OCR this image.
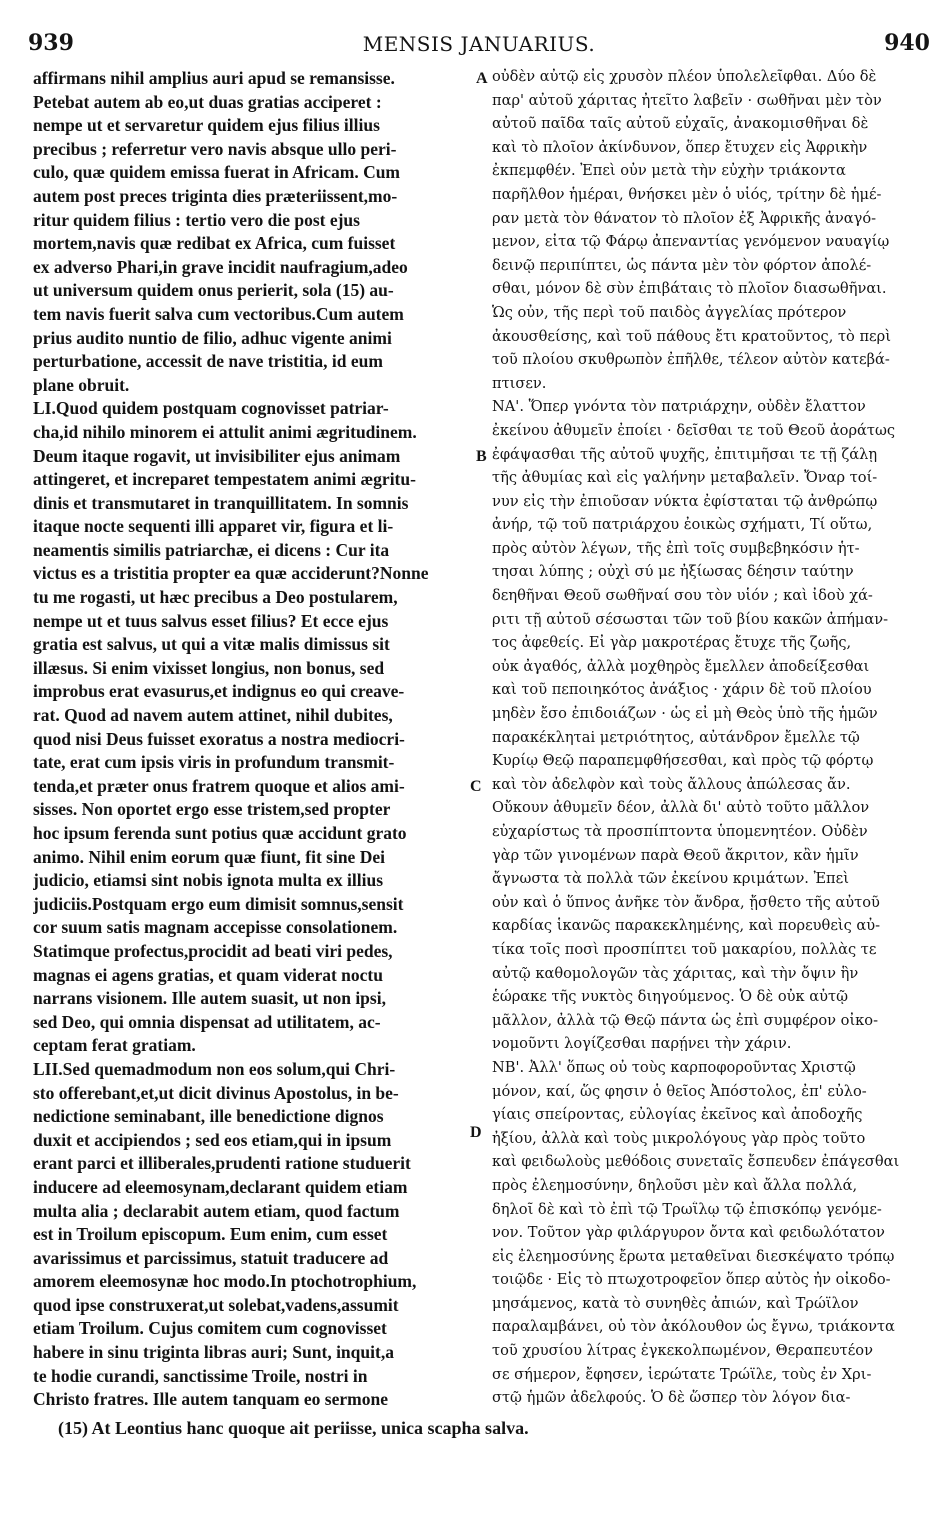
939	MENSIS JANUARIUS.	940
affirmans nihil amplius auri apud se remansisse.
Petebat autem ab eo,ut duas gratias acciperet :
nempe ut et servaretur quidem ejus filius illius
precibus ; referretur vero navis absque ullo peri-
culo, quæ quidem emissa fuerat in Africam. Cum
autem post preces triginta dies præteriissent,mo-
ritur quidem filius : tertio vero die post ejus
mortem,navis quæ redibat ex Africa, cum fuisset
ex adverso Phari,in grave incidit naufragium,adeo
ut universum quidem onus perierit, sola (15) au-
tem navis fuerit salva cum vectoribus.Cum autem
prius audito nuntio de filio, adhuc vigente animi
perturbatione, accessit de nave tristitia, id eum
plane obruit.
LI.Quod quidem postquam cognovisset patriar-
cha,id nihilo minorem ei attulit animi ægritudinem.
Deum itaque rogavit, ut invisibiliter ejus animam
attingeret, et increparet tempestatem animi ægritu-
dinis et transmutaret in tranquillitatem. In somnis
itaque nocte sequenti illi apparet vir, figura et li-
neamentis similis patriarchæ, ei dicens : Cur ita
victus es a tristitia propter ea quæ acciderunt?Nonne
tu me rogasti, ut hæc precibus a Deo postularem,
nempe ut et tuus salvus esset filius? Et ecce ejus
gratia est salvus, ut qui a vitæ malis dimissus sit
illæsus. Si enim vixisset longius, non bonus, sed
improbus erat evasurus,et indignus eo qui creave-
rat. Quod ad navem autem attinet, nihil dubites,
quod nisi Deus fuisset exoratus a nostra mediocri-
tate, erat cum ipsis viris in profundum transmit-
tenda,et præter onus fratrem quoque et alios ami-
sisses. Non oportet ergo esse tristem,sed propter
hoc ipsum ferenda sunt potius quæ accidunt grato
animo. Nihil enim eorum quæ fiunt, fit sine Dei
judicio, etiamsi sint nobis ignota multa ex illius
judiciis.Postquam ergo eum dimisit somnus,sensit
cor suum satis magnam accepisse consolationem.
Statimque profectus,procidit ad beati viri pedes,
magnas ei agens gratias, et quam viderat noctu
narrans visionem. Ille autem suasit, ut non ipsi,
sed Deo, qui omnia dispensat ad utilitatem, ac-
ceptam ferat gratiam.
LII.Sed quemadmodum non eos solum,qui Chri-
sto offerebant,et,ut dicit divinus Apostolus, in be-
nedictione seminabant, ille benedictione dignos
duxit et accipiendos ; sed eos etiam,qui in ipsum
erant parci et illiberales,prudenti ratione studuerit
inducere ad eleemosynam,declarant quidem etiam
multa alia ; declarabit autem etiam, quod factum
est in Troilum episcopum. Eum enim, cum esset
avarissimus et parcissimus, statuit traducere ad
amorem eleemosynæ hoc modo.In ptochotrophium,
quod ipse construxerat,ut solebat,vadens,assumit
etiam Troilum. Cujus comitem cum cognovisset
habere in sinu triginta libras auri; Sunt, inquit,a
te hodie curandi, sanctissime Troile, nostri in
Christo fratres. Ille autem tanquam eo sermone
οὐδὲν αὐτῷ εἰς χρυσὸν πλέον ὑπολελεῖφθαι. Δύο δὲ
παρ' αὐτοῦ χάριτας ἠτεῖτο λαβεῖν · σωθῆναι μὲν τὸν
αὐτοῦ παῖδα ταῖς αὐτοῦ εὐχαῖς, ἀνακομισθῆναι δὲ
καὶ τὸ πλοῖον ἀκίνδυνον, ὅπερ ἔτυχεν εἰς Ἀφρικὴν
ἐκπεμφθέν. Ἐπεὶ οὖν μετὰ τὴν εὐχὴν τριάκοντα
παρῆλθον ἡμέραι, θνήσκει μὲν ὁ υἱός, τρίτην δὲ ἡμέ-
ραν μετὰ τὸν θάνατον τὸ πλοῖον ἐξ Ἀφρικῆς ἀναγό-
μενον, εἶτα τῷ Φάρῳ ἀπεναντίας γενόμενον ναυαγίῳ
δεινῷ περιπίπτει, ὡς πάντα μὲν τὸν φόρτον ἀπολέ-
σθαι, μόνον δὲ σὺν ἐπιβάταις τὸ πλοῖον διασωθῆναι.
Ὡς οὖν, τῆς περὶ τοῦ παιδὸς ἀγγελίας πρότερον
ἀκουσθείσης, καὶ τοῦ πάθους ἔτι κρατοῦντος, τὸ περὶ
τοῦ πλοίου σκυθρωπὸν ἐπῆλθε, τέλεον αὐτὸν κατεβά-
πτισεν.
ΝΑ'. Ὅπερ γνόντα τὸν πατριάρχην, οὐδὲν ἔλαττον
ἐκείνου ἀθυμεῖν ἐποίει · δεῖσθαι τε τοῦ Θεοῦ ἀοράτως
ἐφάψασθαι τῆς αὐτοῦ ψυχῆς, ἐπιτιμῆσαι τε τῇ ζάλῃ
τῆς ἀθυμίας καὶ εἰς γαλήνην μεταβαλεῖν. Ὄναρ τοί-
νυν εἰς τὴν ἐπιοῦσαν νύκτα ἐφίσταται τῷ ἀνθρώπῳ
ἀνήρ, τῷ τοῦ πατριάρχου ἐοικὼς σχήματι, Τί οὕτω,
πρὸς αὐτὸν λέγων, τῆς ἐπὶ τοῖς συμβεβηκόσιν ἡτ-
τησαι λύπης ; οὐχὶ σύ με ἠξίωσας δέησιν ταύτην
δεηθῆναι Θεοῦ σωθῆναί σου τὸν υἱόν ; καὶ ἰδοὺ χά-
ριτι τῇ αὐτοῦ σέσωσται τῶν τοῦ βίου κακῶν ἀπήμαν-
τος ἀφεθείς. Εἰ γὰρ μακροτέρας ἔτυχε τῆς ζωῆς,
οὐκ ἀγαθός, ἀλλὰ μοχθηρὸς ἔμελλεν ἀποδείξεσθαι
καὶ τοῦ πεποιηκότος ἀνάξιος · χάριν δὲ τοῦ πλοίου
μηδὲν ἔσο ἐπιδοιάζων · ὡς εἰ μὴ Θεὸς ὑπὸ τῆς ἡμῶν
παρακέκλητai μετριότητος, αὐτάνδρον ἔμελλε τῷ
Κυρίῳ Θεῷ παραπεμφθήσεσθαι, καὶ πρὸς τῷ φόρτῳ
καὶ τὸν ἀδελφὸν καὶ τοὺς ἄλλους ἀπώλεσας ἄν.
Οὔκουν ἀθυμεῖν δέον, ἀλλὰ δι' αὐτὸ τοῦτο μᾶλλον
εὐχαρίστως τὰ προσπίπτοντα ὑπομενητέον. Οὐδὲν
γὰρ τῶν γινομένων παρὰ Θεοῦ ἄκριτον, κἂν ἡμῖν
ἄγνωστα τὰ πολλὰ τῶν ἐκείνου κριμάτων. Ἐπεὶ
οὖν καὶ ὁ ὕπνος ἀνῆκε τὸν ἄνδρα, ᾔσθετο τῆς αὐτοῦ
καρδίας ἱκανῶς παρακεκλημένης, καὶ πορευθεὶς αὐ-
τίκα τοῖς ποσὶ προσπίπτει τοῦ μακαρίου, πολλὰς τε
αὐτῷ καθομολογῶν τὰς χάριτας, καὶ τὴν ὄψιν ἣν
ἑώρακε τῆς νυκτὸς διηγούμενος. Ὁ δὲ οὐκ αὐτῷ
μᾶλλον, ἀλλὰ τῷ Θεῷ πάντα ὡς ἐπὶ συμφέρον οἰκο-
νομοῦντι λογίζεσθαι παρῄνει τὴν χάριν.
ΝΒ'. Ἀλλ' ὅπως οὐ τοὺς καρποφοροῦντας Χριστῷ
μόνον, καί, ὥς φησιν ὁ θεῖος Ἀπόστολος, ἐπ' εὐλο-
γίαις σπείροντας, εὐλογίας ἐκεῖνος καὶ ἀποδοχῆς
ἠξίου, ἀλλὰ καὶ τοὺς μικρολόγους γὰρ πρὸς τοῦτο
καὶ φειδωλοὺς μεθόδοις συνεταῖς ἔσπευδεν ἐπάγεσθαι
πρὸς ἐλεημοσύνην, δηλοῦσι μὲν καὶ ἄλλα πολλά,
δηλοῖ δὲ καὶ τὸ ἐπὶ τῷ Τρωΐλῳ τῷ ἐπισκόπῳ γενόμε-
νον. Τοῦτον γὰρ φιλάργυρον ὄντα καὶ φειδωλότατον
εἰς ἐλεημοσύνης ἔρωτα μεταθεῖναι διεσκέψατο τρόπῳ
τοιῷδε · Εἰς τὸ πτωχοτροφεῖον ὅπερ αὐτὸς ἦν οἰκοδο-
μησάμενος, κατὰ τὸ συνηθὲς ἀπιών, καὶ Τρώϊλον
παραλαμβάνει, οὗ τὸν ἀκόλουθον ὡς ἔγνω, τριάκοντα
τοῦ χρυσίου λίτρας ἐγκεκολπωμένον, Θεραπευτέον
σε σήμερον, ἔφησεν, ἱερώτατε Τρώϊλε, τοὺς ἐν Χρι-
στῷ ἡμῶν ἀδελφούς. Ὁ δὲ ὥσπερ τὸν λόγον δια-
A
B
C
D
(15) At Leontius hanc quoque ait periisse, unica scapha salva.
